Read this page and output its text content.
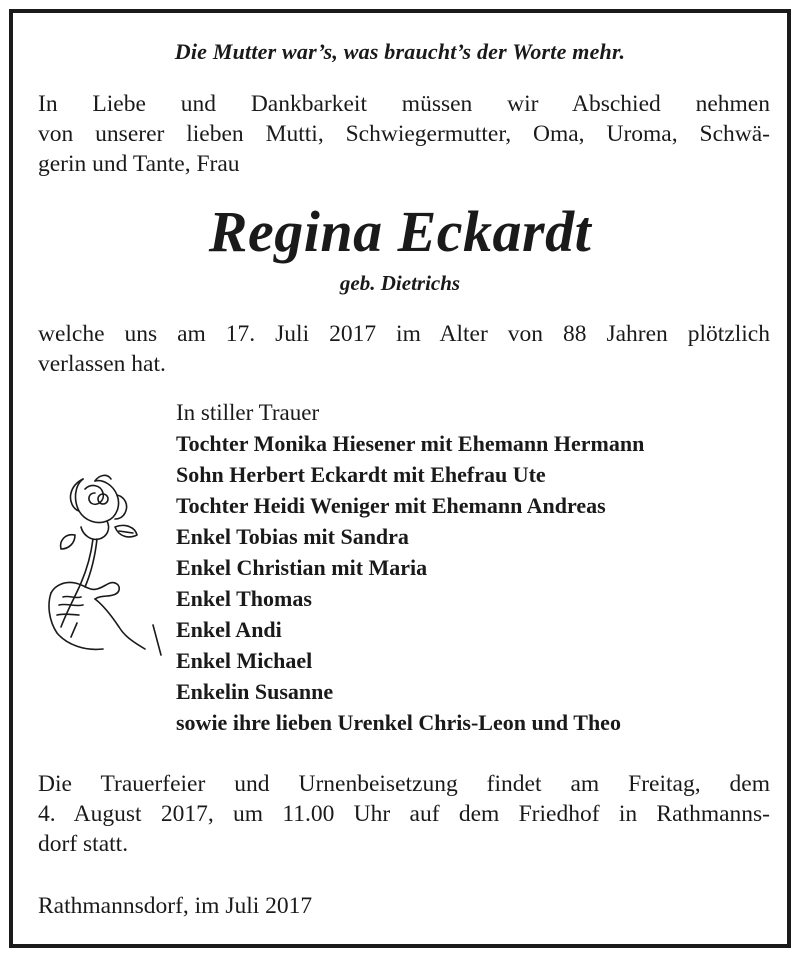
Die Mutter war’s, was braucht’s der Worte mehr.
In Liebe und Dankbarkeit müssen wir Abschied nehmen
von unserer lieben Mutti, Schwiegermutter, Oma, Uroma, Schwä-
gerin und Tante, Frau
Regina Eckardt
geb. Dietrichs
welche uns am 17. Juli 2017 im Alter von 88 Jahren plötzlich
verlassen hat.
In stiller Trauer
Tochter Monika Hiesener mit Ehemann Hermann
Sohn Herbert Eckardt mit Ehefrau Ute
Tochter Heidi Weniger mit Ehemann Andreas
Enkel Tobias mit Sandra
Enkel Christian mit Maria
Enkel Thomas
Enkel Andi
Enkel Michael
Enkelin Susanne
sowie ihre lieben Urenkel Chris-Leon und Theo
Die Trauerfeier und Urnenbeisetzung findet am Freitag, dem
4. August 2017, um 11.00 Uhr auf dem Friedhof in Rathmanns-
dorf statt.
Rathmannsdorf, im Juli 2017
